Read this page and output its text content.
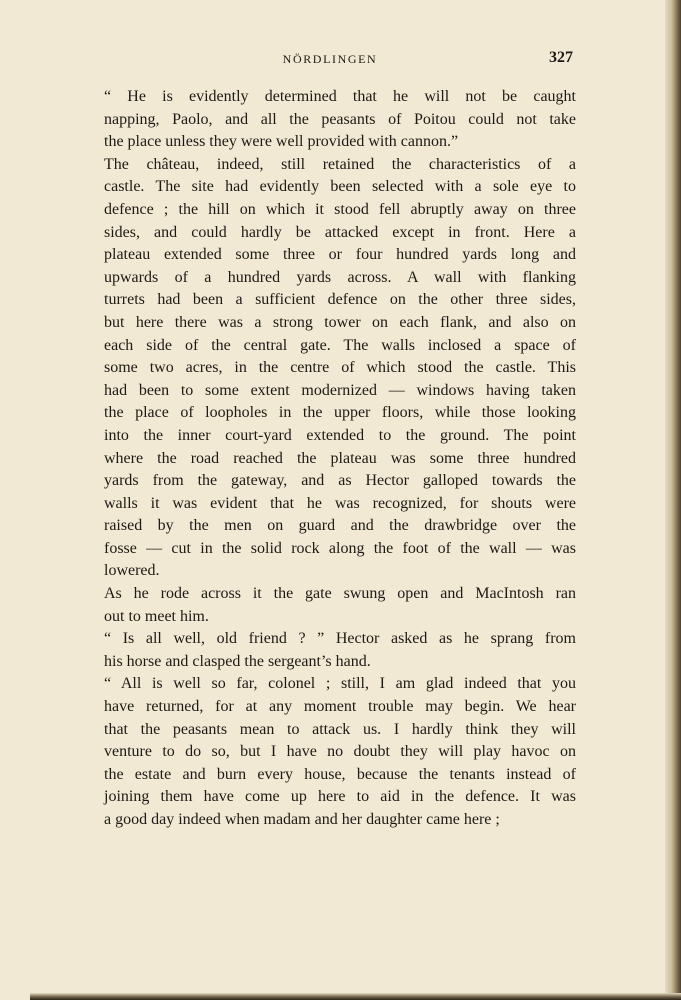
NÖRDLINGEN	327

“ He is evidently determined that he will not be caught
napping, Paolo, and all the peasants of Poitou could not take
the place unless they were well provided with cannon.”

The château, indeed, still retained the characteristics of a
castle. The site had evidently been selected with a sole eye to
defence ; the hill on which it stood fell abruptly away on three
sides, and could hardly be attacked except in front. Here a
plateau extended some three or four hundred yards long and
upwards of a hundred yards across. A wall with flanking
turrets had been a sufficient defence on the other three sides,
but here there was a strong tower on each flank, and also on
each side of the central gate. The walls inclosed a space of
some two acres, in the centre of which stood the castle. This
had been to some extent modernized — windows having taken
the place of loopholes in the upper floors, while those looking
into the inner court-yard extended to the ground. The point
where the road reached the plateau was some three hundred
yards from the gateway, and as Hector galloped towards the
walls it was evident that he was recognized, for shouts were
raised by the men on guard and the drawbridge over the
fosse — cut in the solid rock along the foot of the wall — was
lowered.

As he rode across it the gate swung open and MacIntosh ran
out to meet him.

“ Is all well, old friend ? ” Hector asked as he sprang from
his horse and clasped the sergeant’s hand.

“ All is well so far, colonel ; still, I am glad indeed that you
have returned, for at any moment trouble may begin. We hear
that the peasants mean to attack us. I hardly think they will
venture to do so, but I have no doubt they will play havoc on
the estate and burn every house, because the tenants instead of
joining them have come up here to aid in the defence. It was
a good day indeed when madam and her daughter came here ;
